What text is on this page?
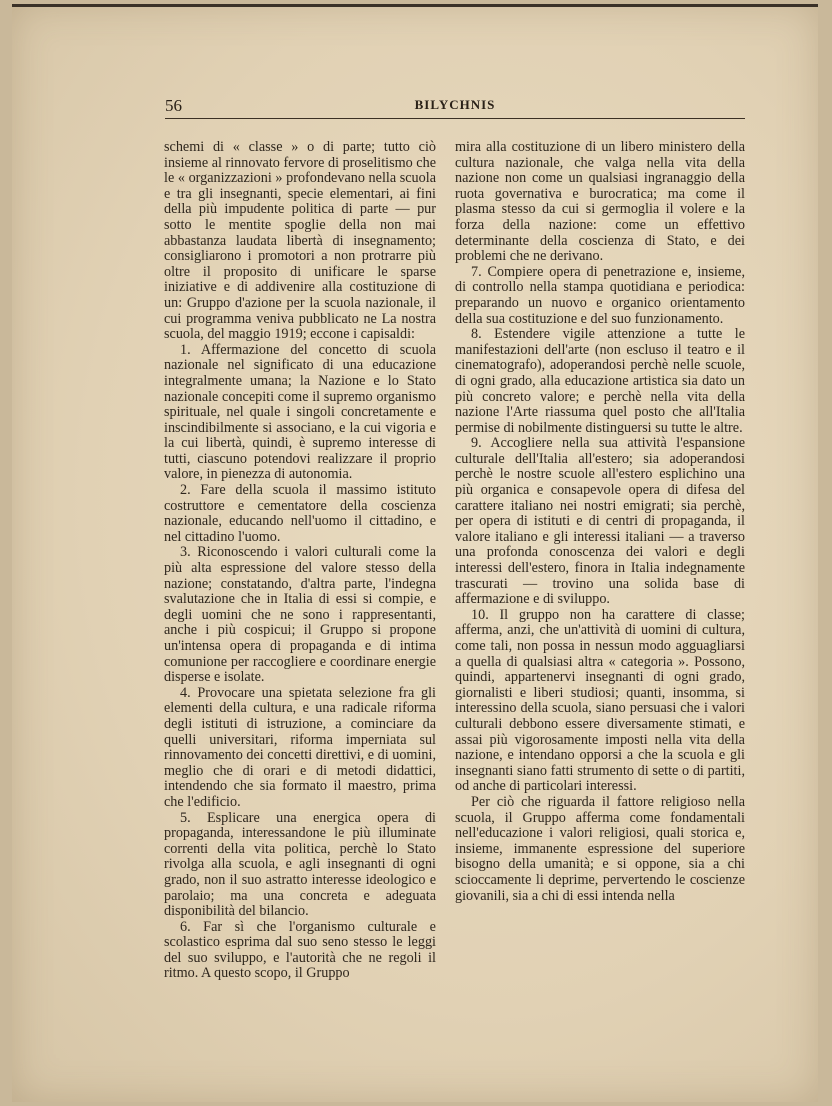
56	BILYCHNIS

schemi di « classe » o di parte; tutto ciò insieme al rinnovato fervore di proselitismo che le « organizzazioni » profondevano nella scuola e tra gli insegnanti, specie elementari, ai fini della più impudente politica di parte — pur sotto le mentite spoglie della non mai abbastanza laudata libertà di insegnamento; consigliarono i promotori a non protrarre più oltre il proposito di unificare le sparse iniziative e di addivenire alla costituzione di un: Gruppo d'azione per la scuola nazionale, il cui programma veniva pubblicato ne La nostra scuola, del maggio 1919; eccone i capisaldi:

1. Affermazione del concetto di scuola nazionale nel significato di una educazione integralmente umana; la Nazione e lo Stato nazionale concepiti come il supremo organismo spirituale, nel quale i singoli concretamente e inscindibilmente si associano, e la cui vigoria e la cui libertà, quindi, è supremo interesse di tutti, ciascuno potendovi realizzare il proprio valore, in pienezza di autonomia.

2. Fare della scuola il massimo istituto costruttore e cementatore della coscienza nazionale, educando nell'uomo il cittadino, e nel cittadino l'uomo.

3. Riconoscendo i valori culturali come la più alta espressione del valore stesso della nazione; constatando, d'altra parte, l'indegna svalutazione che in Italia di essi si compie, e degli uomini che ne sono i rappresentanti, anche i più cospicui; il Gruppo si propone un'intensa opera di propaganda e di intima comunione per raccogliere e coordinare energie disperse e isolate.

4. Provocare una spietata selezione fra gli elementi della cultura, e una radicale riforma degli istituti di istruzione, a cominciare da quelli universitari, riforma imperniata sul rinnovamento dei concetti direttivi, e di uomini, meglio che di orari e di metodi didattici, intendendo che sia formato il maestro, prima che l'edificio.

5. Esplicare una energica opera di propaganda, interessandone le più illuminate correnti della vita politica, perchè lo Stato rivolga alla scuola, e agli insegnanti di ogni grado, non il suo astratto interesse ideologico e parolaio; ma una concreta e adeguata disponibilità del bilancio.

6. Far sì che l'organismo culturale e scolastico esprima dal suo seno stesso le leggi del suo sviluppo, e l'autorità che ne regoli il ritmo. A questo scopo, il Gruppo

mira alla costituzione di un libero ministero della cultura nazionale, che valga nella vita della nazione non come un qualsiasi ingranaggio della ruota governativa e burocratica; ma come il plasma stesso da cui si germoglia il volere e la forza della nazione: come un effettivo determinante della coscienza di Stato, e dei problemi che ne derivano.

7. Compiere opera di penetrazione e, insieme, di controllo nella stampa quotidiana e periodica: preparando un nuovo e organico orientamento della sua costituzione e del suo funzionamento.

8. Estendere vigile attenzione a tutte le manifestazioni dell'arte (non escluso il teatro e il cinematografo), adoperandosi perchè nelle scuole, di ogni grado, alla educazione artistica sia dato un più concreto valore; e perchè nella vita della nazione l'Arte riassuma quel posto che all'Italia permise di nobilmente distinguersi su tutte le altre.

9. Accogliere nella sua attività l'espansione culturale dell'Italia all'estero; sia adoperandosi perchè le nostre scuole all'estero esplichino una più organica e consapevole opera di difesa del carattere italiano nei nostri emigrati; sia perchè, per opera di istituti e di centri di propaganda, il valore italiano e gli interessi italiani — a traverso una profonda conoscenza dei valori e degli interessi dell'estero, finora in Italia indegnamente trascurati — trovino una solida base di affermazione e di sviluppo.

10. Il gruppo non ha carattere di classe; afferma, anzi, che un'attività di uomini di cultura, come tali, non possa in nessun modo agguagliarsi a quella di qualsiasi altra « categoria ». Possono, quindi, appartenervi insegnanti di ogni grado, giornalisti e liberi studiosi; quanti, insomma, si interessino della scuola, siano persuasi che i valori culturali debbono essere diversamente stimati, e assai più vigorosamente imposti nella vita della nazione, e intendano opporsi a che la scuola e gli insegnanti siano fatti strumento di sette o di partiti, od anche di particolari interessi.

Per ciò che riguarda il fattore religioso nella scuola, il Gruppo afferma come fondamentali nell'educazione i valori religiosi, quali storica e, insieme, immanente espressione del superiore bisogno della umanità; e si oppone, sia a chi scioccamente li deprime, pervertendo le coscienze giovanili, sia a chi di essi intenda nella
